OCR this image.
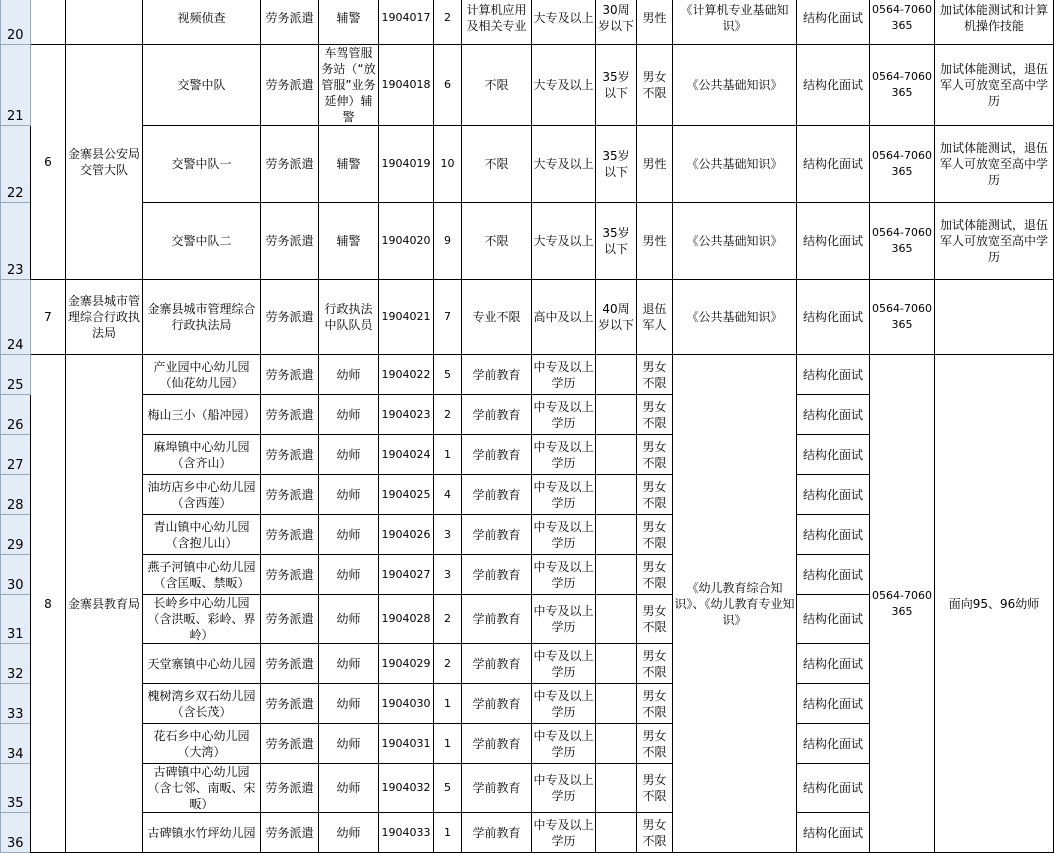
20			视频侦查	劳务派遣	辅警	1904017	2	计算机应用及相关专业	大专及以上	30周岁以下	男性	《计算机专业基础知识》	结构化面试	0564-7060365	加试体能测试和计算机操作技能
21	6	金寨县公安局交管大队	交警中队	劳务派遣	车驾管服务站（“放管服”业务延伸）辅警	1904018	6	不限	大专及以上	35岁以下	男女不限	《公共基础知识》	结构化面试	0564-7060365	加试体能测试，退伍军人可放宽至高中学历
22			交警中队一	劳务派遣	辅警	1904019	10	不限	大专及以上	35岁以下	男性	《公共基础知识》	结构化面试	0564-7060365	加试体能测试，退伍军人可放宽至高中学历
23			交警中队二	劳务派遣	辅警	1904020	9	不限	大专及以上	35岁以下	男性	《公共基础知识》	结构化面试	0564-7060365	加试体能测试，退伍军人可放宽至高中学历
24	7	金寨县城市管理综合行政执法局	金寨县城市管理综合行政执法局	劳务派遣	行政执法中队队员	1904021	7	专业不限	高中及以上	40周岁以下	退伍军人	《公共基础知识》	结构化面试	0564-7060365	
25	8	金寨县教育局	产业园中心幼儿园（仙花幼儿园）	劳务派遣	幼师	1904022	5	学前教育	中专及以上学历		男女不限	《幼儿教育综合知识》、《幼儿教育专业知识》	结构化面试	0564-7060365	面向95、96幼师
26			梅山三小（船冲园）	劳务派遣	幼师	1904023	2	学前教育	中专及以上学历		男女不限		结构化面试		
27			麻埠镇中心幼儿园（含齐山）	劳务派遣	幼师	1904024	1	学前教育	中专及以上学历		男女不限		结构化面试		
28			油坊店乡中心幼儿园（含西莲）	劳务派遣	幼师	1904025	4	学前教育	中专及以上学历		男女不限		结构化面试		
29			青山镇中心幼儿园（含抱儿山）	劳务派遣	幼师	1904026	3	学前教育	中专及以上学历		男女不限		结构化面试		
30			燕子河镇中心幼儿园（含匡畈、禁畈）	劳务派遣	幼师	1904027	3	学前教育	中专及以上学历		男女不限		结构化面试		
31			长岭乡中心幼儿园（含洪畈、彩岭、界岭）	劳务派遣	幼师	1904028	2	学前教育	中专及以上学历		男女不限		结构化面试		
32			天堂寨镇中心幼儿园	劳务派遣	幼师	1904029	2	学前教育	中专及以上学历		男女不限		结构化面试		
33			槐树湾乡双石幼儿园（含长茂）	劳务派遣	幼师	1904030	1	学前教育	中专及以上学历		男女不限		结构化面试		
34			花石乡中心幼儿园（大湾）	劳务派遣	幼师	1904031	1	学前教育	中专及以上学历		男女不限		结构化面试		
35			古碑镇中心幼儿园（含七邻、南畈、宋畈）	劳务派遣	幼师	1904032	5	学前教育	中专及以上学历		男女不限		结构化面试		
36			古碑镇水竹坪幼儿园	劳务派遣	幼师	1904033	1	学前教育	中专及以上学历		男女不限		结构化面试		
